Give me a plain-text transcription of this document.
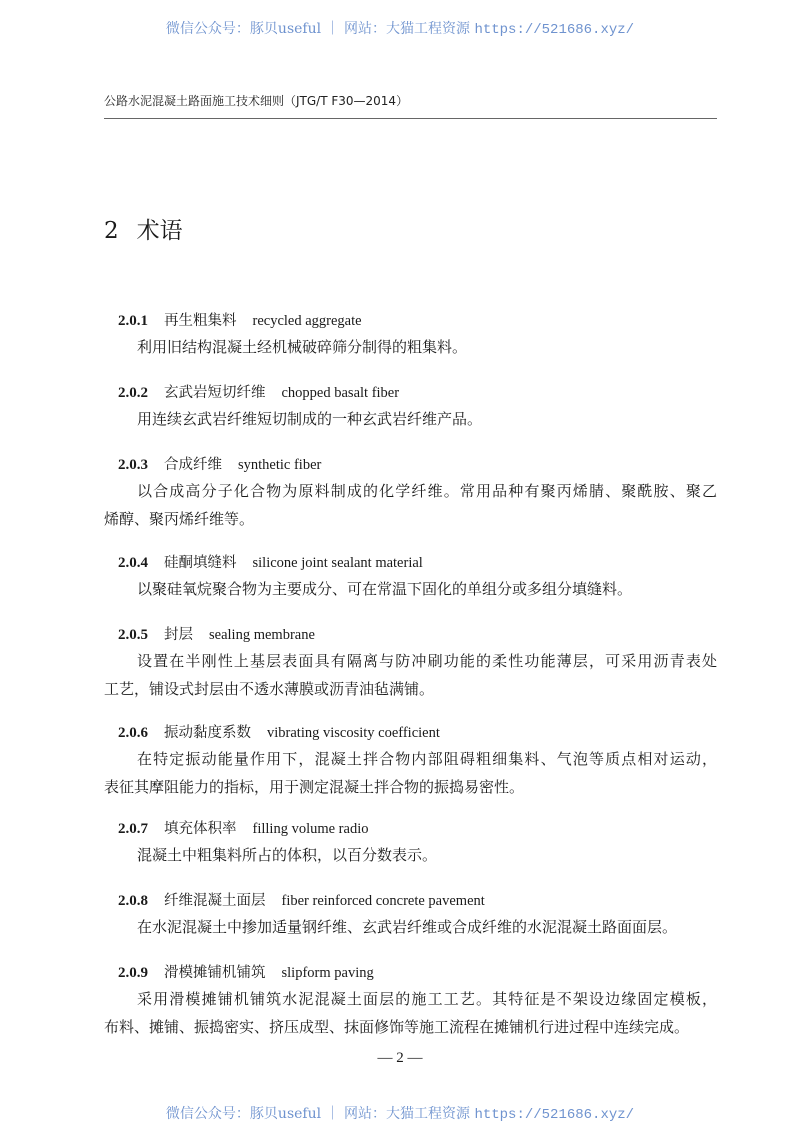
微信公众号：豚贝useful ｜ 网站：大猫工程资源 https://521686.xyz/
公路水泥混凝土路面施工技术细则（JTG/T F30—2014）
2 术语
2.0.1 再生粗集料 recycled aggregate
利用旧结构混凝土经机械破碎筛分制得的粗集料。
2.0.2 玄武岩短切纤维 chopped basalt fiber
用连续玄武岩纤维短切制成的一种玄武岩纤维产品。
2.0.3 合成纤维 synthetic fiber
以合成高分子化合物为原料制成的化学纤维。常用品种有聚丙烯腈、聚酰胺、聚乙
烯醇、聚丙烯纤维等。
2.0.4 硅酮填缝料 silicone joint sealant material
以聚硅氧烷聚合物为主要成分、可在常温下固化的单组分或多组分填缝料。
2.0.5 封层 sealing membrane
设置在半刚性上基层表面具有隔离与防冲刷功能的柔性功能薄层，可采用沥青表处
工艺，铺设式封层由不透水薄膜或沥青油毡满铺。
2.0.6 振动黏度系数 vibrating viscosity coefficient
在特定振动能量作用下，混凝土拌合物内部阻碍粗细集料、气泡等质点相对运动，
表征其摩阻能力的指标，用于测定混凝土拌合物的振捣易密性。
2.0.7 填充体积率 filling volume radio
混凝土中粗集料所占的体积，以百分数表示。
2.0.8 纤维混凝土面层 fiber reinforced concrete pavement
在水泥混凝土中掺加适量钢纤维、玄武岩纤维或合成纤维的水泥混凝土路面面层。
2.0.9 滑模摊铺机铺筑 slipform paving
采用滑模摊铺机铺筑水泥混凝土面层的施工工艺。其特征是不架设边缘固定模板，
布料、摊铺、振捣密实、挤压成型、抹面修饰等施工流程在摊铺机行进过程中连续完成。
— 2 —
微信公众号：豚贝useful ｜ 网站：大猫工程资源 https://521686.xyz/
